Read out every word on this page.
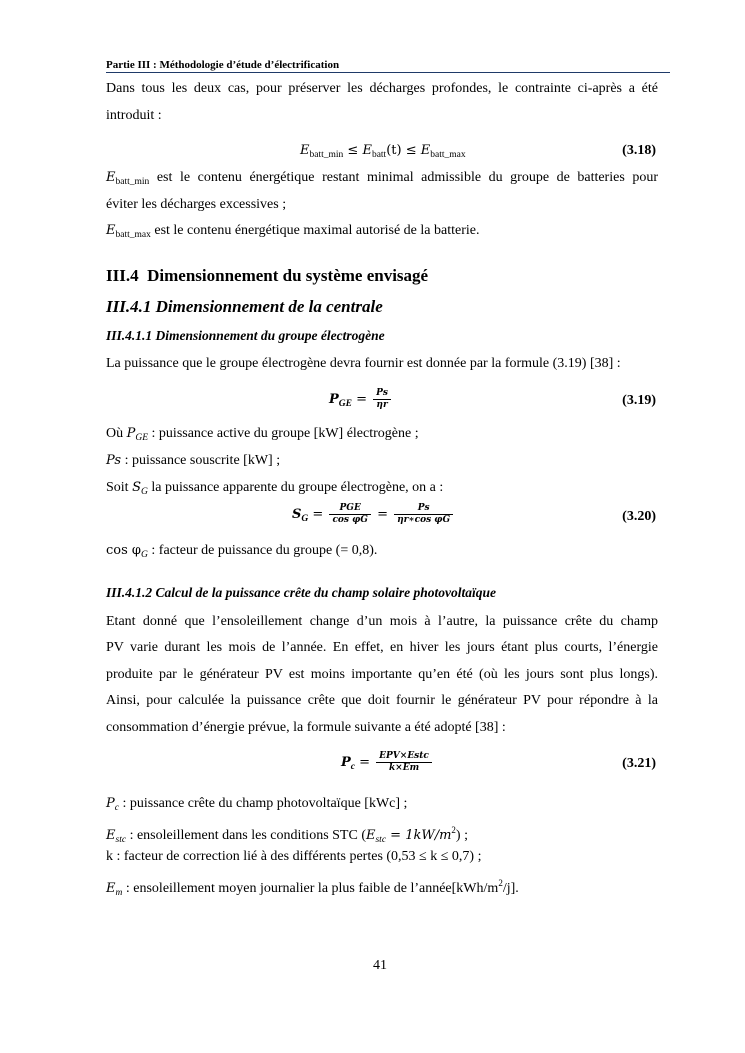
Partie III : Méthodologie d’étude d’électrification
Dans tous les deux cas, pour préserver les décharges profondes, le contrainte ci-après a été
introduit :
$E_{batt\_min} \le E_{batt}(t) \le E_{batt\_max}$	(3.18)
$E_{batt\_min}$ est le contenu énergétique restant minimal admissible du groupe de batteries pour
éviter les décharges excessives ;
$E_{batt\_max}$ est le contenu énergétique maximal autorisé de la batterie.
III.4 Dimensionnement du système envisagé
III.4.1 Dimensionnement de la centrale
III.4.1.1 Dimensionnement du groupe électrogène
La puissance que le groupe électrogène devra fournir est donnée par la formule (3.19) [38] :
$P_{GE} = \frac{Ps}{\eta r}$	(3.19)
Où $P_{GE}$ : puissance active du groupe [kW] électrogène ;
Ps : puissance souscrite [kW] ;
Soit $S_G$ la puissance apparente du groupe électrogène, on a :
$S_G = \frac{\text{PGE}}{\text{cos φG}} = \frac{Ps}{\text{ηr∗cos φG}}$	(3.20)
$\cos \varphi_G$ : facteur de puissance du groupe (= 0,8).
III.4.1.2 Calcul de la puissance crête du champ solaire photovoltaïque
Etant donné que l’ensoleillement change d’un mois à l’autre, la puissance crête du champ
PV varie durant les mois de l’année. En effet, en hiver les jours étant plus courts, l’énergie
produite par le générateur PV est moins importante qu’en été (où les jours sont plus longs).
Ainsi, pour calculée la puissance crête que doit fournir le générateur PV pour répondre à la
consommation d’énergie prévue, la formule suivante a été adopté [38] :
$P_c = \frac{\text{EPV×Estc}}{k\times Em}$	(3.21)
$P_c$ : puissance crête du champ photovoltaïque [kWc] ;
$E_{stc}$ : ensoleillement dans les conditions STC $(E_{stc} = 1kW/m^2)$ ;
k : facteur de correction lié à des différents pertes (0,53 ≤ k ≤ 0,7) ;
$E_m$ : ensoleillement moyen journalier la plus faible de $l’année[kWh/m^2/j]$.
41
